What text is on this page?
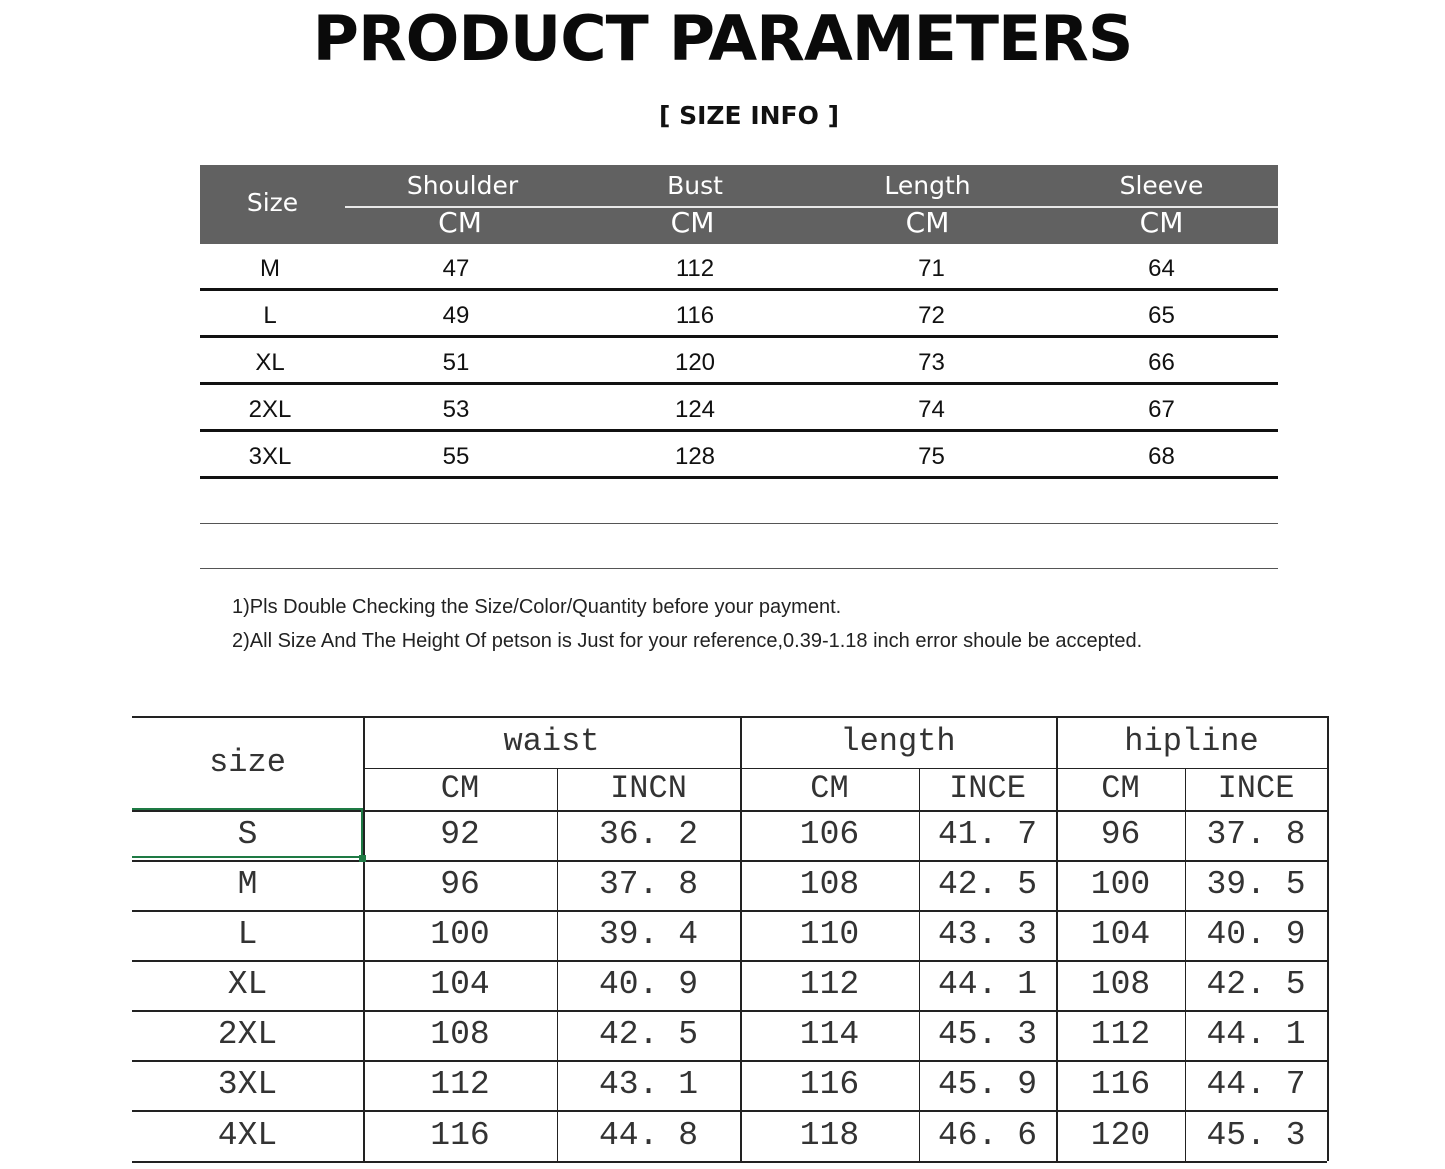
PRODUCT PARAMETERS
[ SIZE INFO ]
Size
Shoulder	Bust	Length	Sleeve
CM	CM	CM	CM
M	47	112	71	64
L	49	116	72	65
XL	51	120	73	66
2XL	53	124	74	67
3XL	55	128	75	68
1)Pls Double Checking the Size/Color/Quantity before your payment.
2)All Size And The Height Of petson is Just for your reference,0.39-1.18 inch error shoule be accepted.
size
waist	length	hipline
CM	INCN	CM	INCE	CM	INCE
S	92	36. 2	106	41. 7	96	37. 8
M	96	37. 8	108	42. 5	100	39. 5
L	100	39. 4	110	43. 3	104	40. 9
XL	104	40. 9	112	44. 1	108	42. 5
2XL	108	42. 5	114	45. 3	112	44. 1
3XL	112	43. 1	116	45. 9	116	44. 7
4XL	116	44. 8	118	46. 6	120	45. 3
